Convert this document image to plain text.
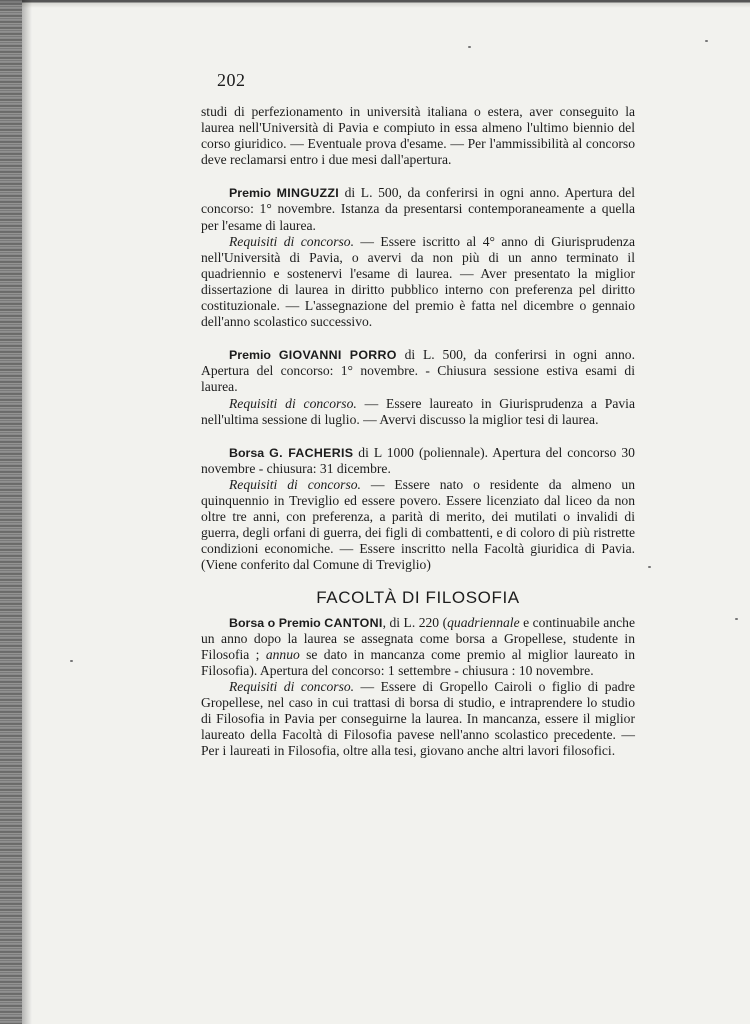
202

studi di perfezionamento in università italiana o estera, aver conseguito la laurea nell'Università di Pavia e compiuto in essa almeno l'ultimo biennio del corso giuridico. — Eventuale prova d'esame. — Per l'ammissibilità al concorso deve reclamarsi entro i due mesi dall'apertura.

Premio MINGUZZI di L. 500, da conferirsi in ogni anno. Apertura del concorso: 1° novembre. Istanza da presentarsi contemporaneamente a quella per l'esame di laurea.

Requisiti di concorso. — Essere iscritto al 4° anno di Giurisprudenza nell'Università di Pavia, o avervi da non più di un anno terminato il quadriennio e sostenervi l'esame di laurea. — Aver presentato la miglior dissertazione di laurea in diritto pubblico interno con preferenza pel diritto costituzionale. — L'assegnazione del premio è fatta nel dicembre o gennaio dell'anno scolastico successivo.

Premio GIOVANNI PORRO di L. 500, da conferirsi in ogni anno. Apertura del concorso: 1° novembre. - Chiusura sessione estiva esami di laurea.

Requisiti di concorso. — Essere laureato in Giurisprudenza a Pavia nell'ultima sessione di luglio. — Avervi discusso la miglior tesi di laurea.

Borsa G. FACHERIS di L 1000 (poliennale). Apertura del concorso 30 novembre - chiusura: 31 dicembre.

Requisiti di concorso. — Essere nato o residente da almeno un quinquennio in Treviglio ed essere povero. Essere licenziato dal liceo da non oltre tre anni, con preferenza, a parità di merito, dei mutilati o invalidi di guerra, degli orfani di guerra, dei figli di combattenti, e di coloro di più ristrette condizioni economiche. — Essere inscritto nella Facoltà giuridica di Pavia. (Viene conferito dal Comune di Treviglio)

FACOLTÀ DI FILOSOFIA

Borsa o Premio CANTONI, di L. 220 (quadriennale e continuabile anche un anno dopo la laurea se assegnata come borsa a Gropellese, studente in Filosofia ; annuo se dato in mancanza come premio al miglior laureato in Filosofia). Apertura del concorso: 1 settembre - chiusura : 10 novembre.

Requisiti di concorso. — Essere di Gropello Cairoli o figlio di padre Gropellese, nel caso in cui trattasi di borsa di studio, e intraprendere lo studio di Filosofia in Pavia per conseguirne la laurea. In mancanza, essere il miglior laureato della Facoltà di Filosofia pavese nell'anno scolastico precedente. — Per i laureati in Filosofia, oltre alla tesi, giovano anche altri lavori filosofici.
